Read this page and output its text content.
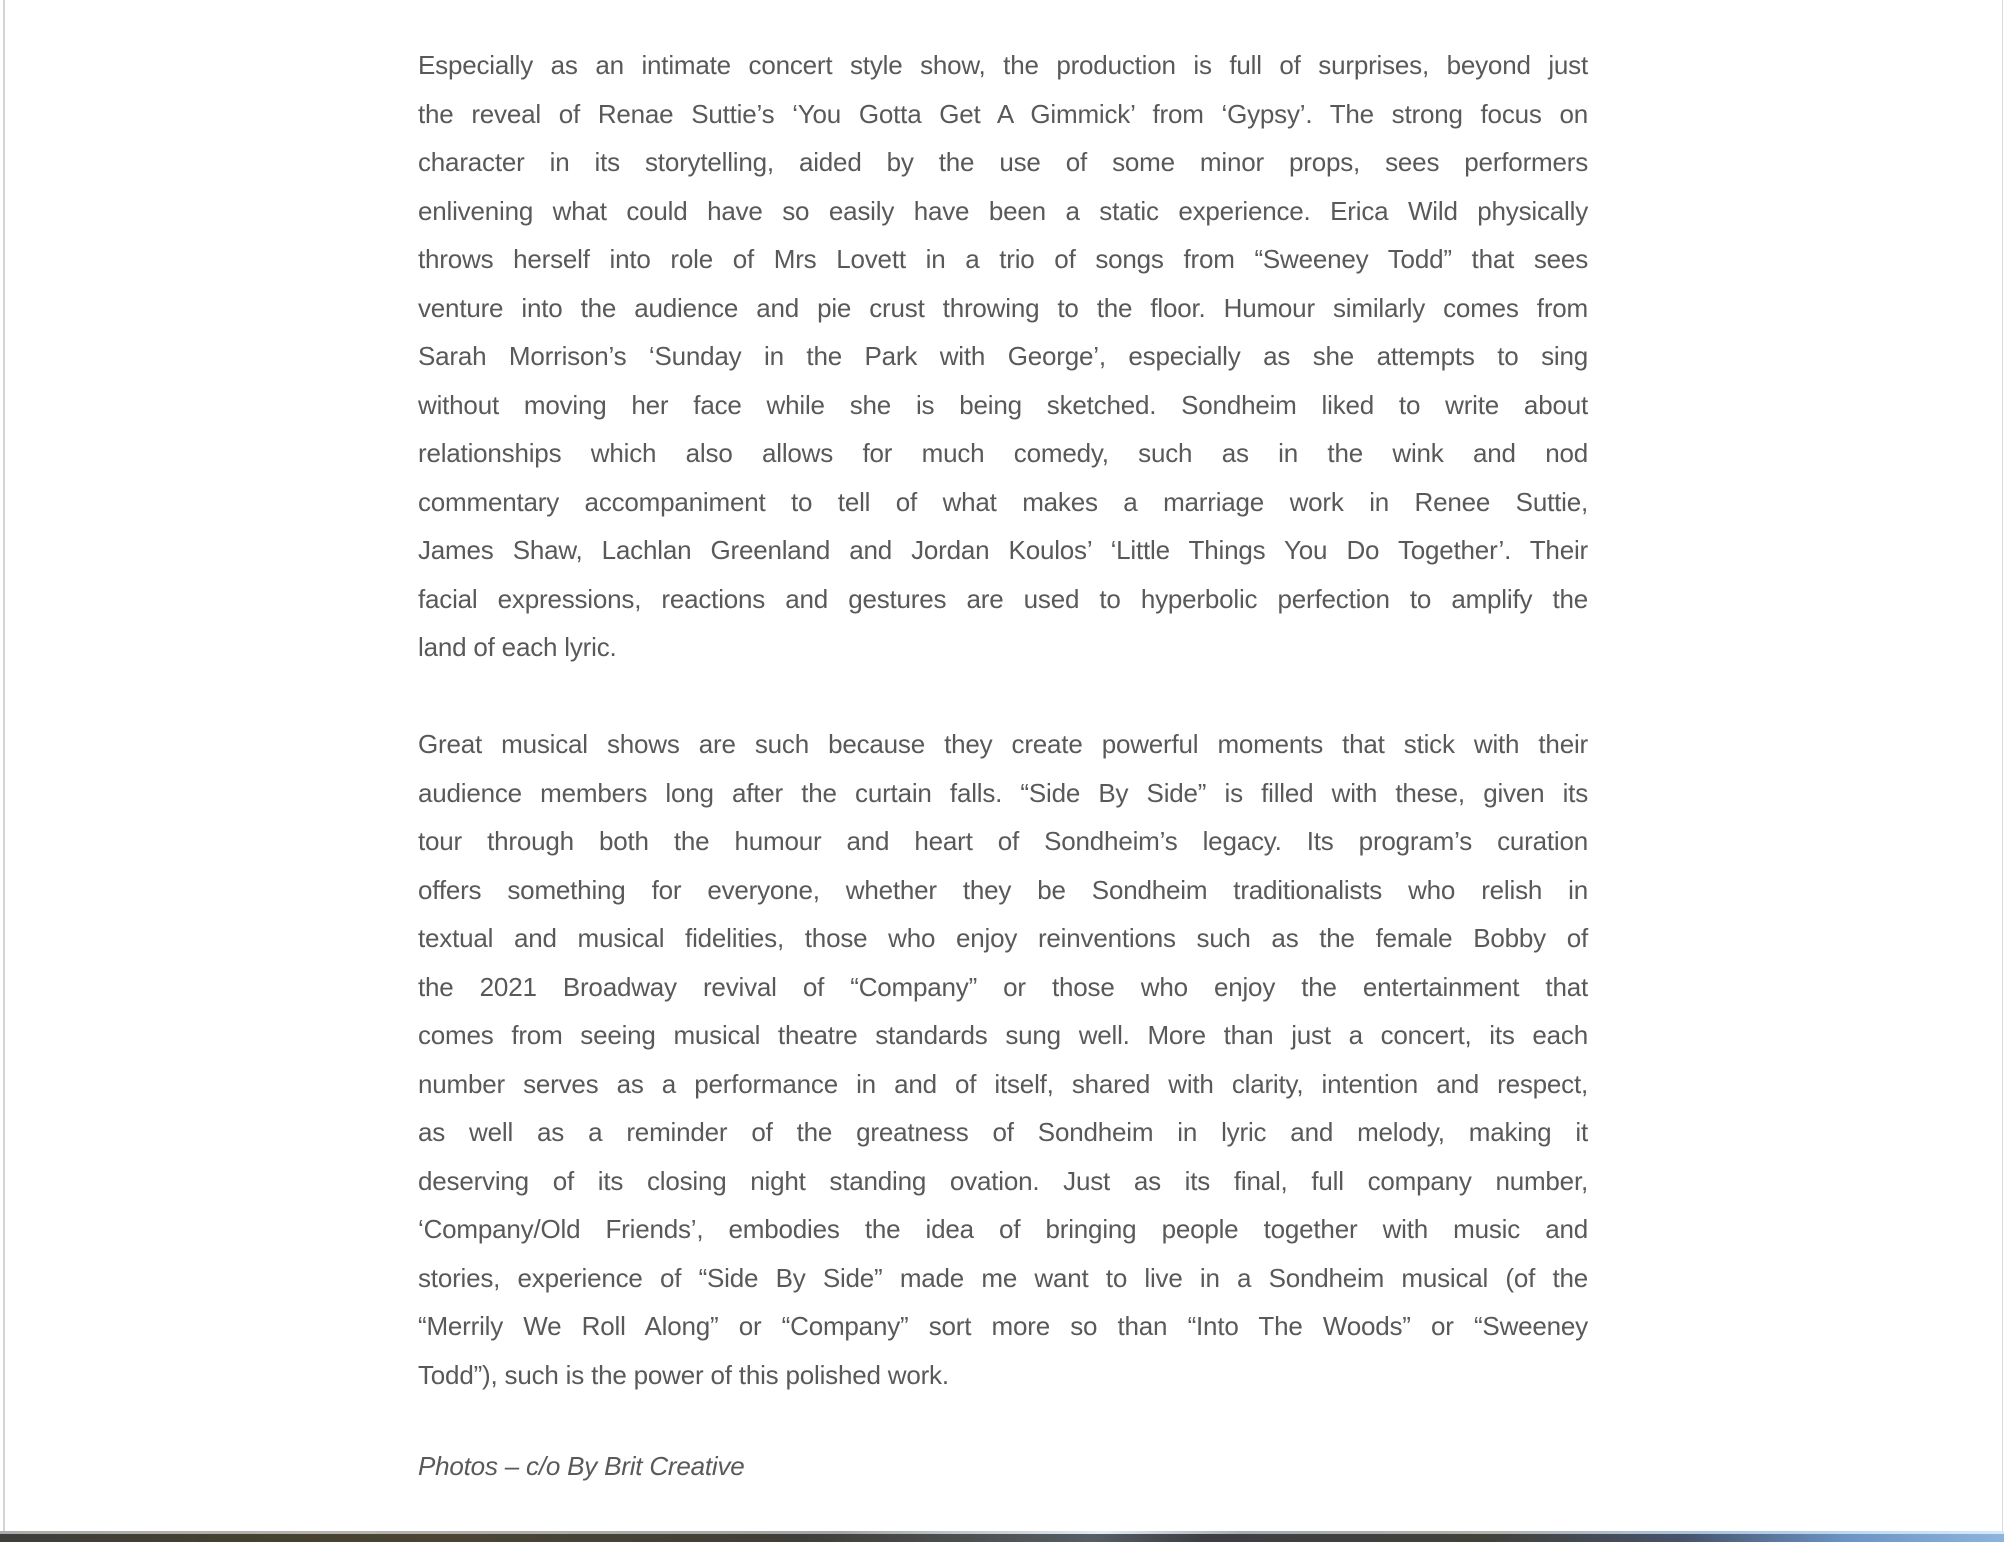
Especially as an intimate concert style show, the production is full of surprises, beyond just
the reveal of Renae Suttie’s ‘You Gotta Get A Gimmick’ from ‘Gypsy’. The strong focus on
character in its storytelling, aided by the use of some minor props, sees performers
enlivening what could have so easily have been a static experience. Erica Wild physically
throws herself into role of Mrs Lovett in a trio of songs from “Sweeney Todd” that sees
venture into the audience and pie crust throwing to the floor. Humour similarly comes from
Sarah Morrison’s ‘Sunday in the Park with George’, especially as she attempts to sing
without moving her face while she is being sketched. Sondheim liked to write about
relationships which also allows for much comedy, such as in the wink and nod
commentary accompaniment to tell of what makes a marriage work in Renee Suttie,
James Shaw, Lachlan Greenland and Jordan Koulos’ ‘Little Things You Do Together’. Their
facial expressions, reactions and gestures are used to hyperbolic perfection to amplify the
land of each lyric.
Great musical shows are such because they create powerful moments that stick with their
audience members long after the curtain falls. “Side By Side” is filled with these, given its
tour through both the humour and heart of Sondheim’s legacy. Its program’s curation
offers something for everyone, whether they be Sondheim traditionalists who relish in
textual and musical fidelities, those who enjoy reinventions such as the female Bobby of
the 2021 Broadway revival of “Company” or those who enjoy the entertainment that
comes from seeing musical theatre standards sung well. More than just a concert, its each
number serves as a performance in and of itself, shared with clarity, intention and respect,
as well as a reminder of the greatness of Sondheim in lyric and melody, making it
deserving of its closing night standing ovation. Just as its final, full company number,
‘Company/Old Friends’, embodies the idea of bringing people together with music and
stories, experience of “Side By Side” made me want to live in a Sondheim musical (of the
“Merrily We Roll Along” or “Company” sort more so than “Into The Woods” or “Sweeney
Todd”), such is the power of this polished work.

Photos – c/o By Brit Creative
